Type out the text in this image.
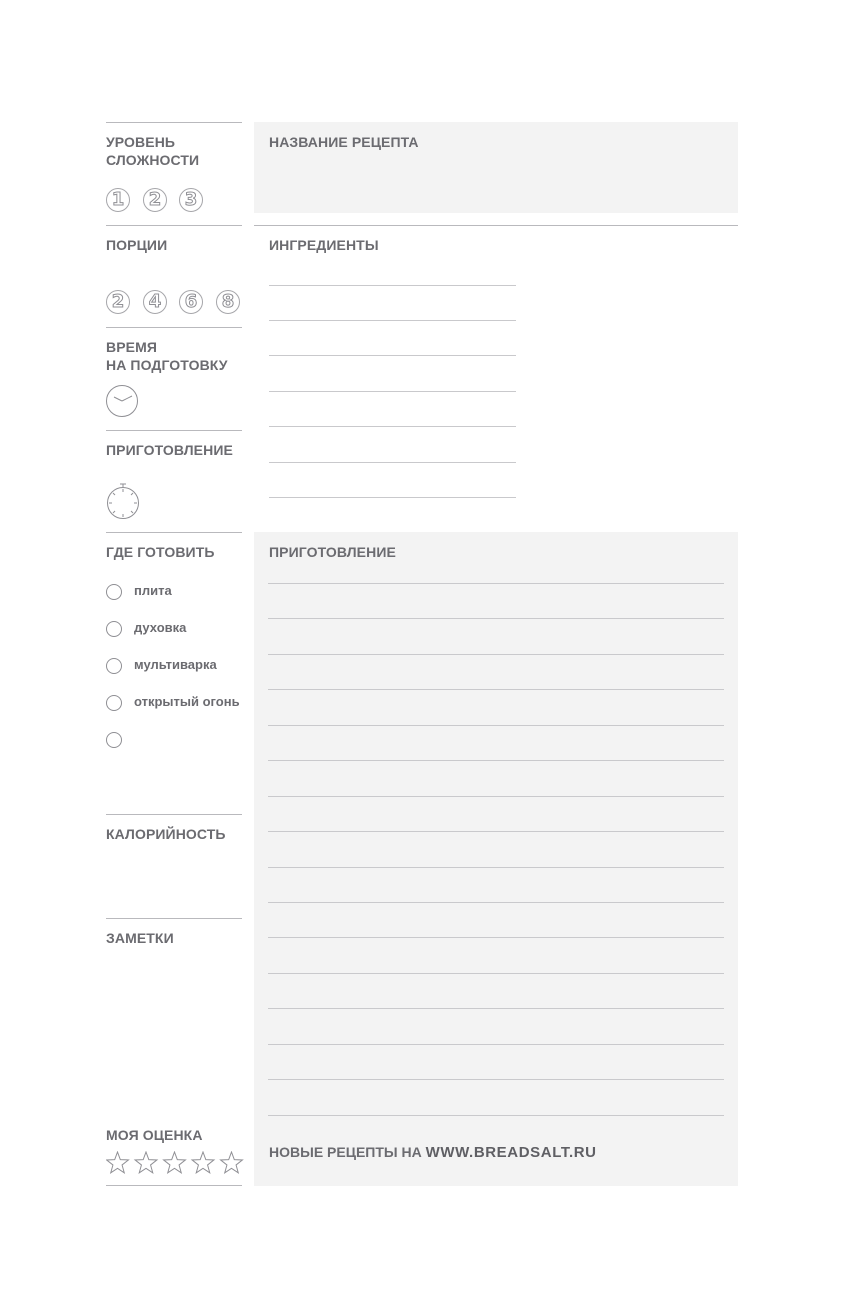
УРОВЕНЬ
СЛОЖНОСТИ
1 2 3
ПОРЦИИ
2 4 6 8
ВРЕМЯ
НА ПОДГОТОВКУ
ПРИГОТОВЛЕНИЕ
ГДЕ ГОТОВИТЬ
плита
духовка
мультиварка
открытый огонь
КАЛОРИЙНОСТЬ
ЗАМЕТКИ
МОЯ ОЦЕНКА
НАЗВАНИЕ РЕЦЕПТА
ИНГРЕДИЕНТЫ
ПРИГОТОВЛЕНИЕ
НОВЫЕ РЕЦЕПТЫ НА WWW.BREADSALT.RU
